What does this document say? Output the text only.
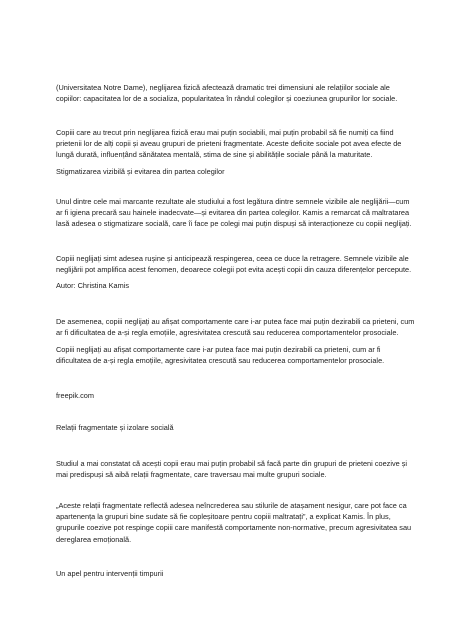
(Universitatea Notre Dame), neglijarea fizică afectează dramatic trei dimensiuni ale relațiilor sociale ale
copiilor: capacitatea lor de a socializa, popularitatea în rândul colegilor și coeziunea grupurilor lor sociale.

Copiii care au trecut prin neglijarea fizică erau mai puțin sociabili, mai puțin probabil să fie numiți ca fiind
prietenii lor de alți copii și aveau grupuri de prieteni fragmentate. Aceste deficite sociale pot avea efecte de
lungă durată, influențând sănătatea mentală, stima de sine și abilitățile sociale până la maturitate.

Stigmatizarea vizibilă și evitarea din partea colegilor

Unul dintre cele mai marcante rezultate ale studiului a fost legătura dintre semnele vizibile ale neglijării—cum
ar fi igiena precară sau hainele inadecvate—și evitarea din partea colegilor. Kamis a remarcat că maltratarea
lasă adesea o stigmatizare socială, care îi face pe colegi mai puțin dispuși să interacționeze cu copiii neglijați.

Copiii neglijați simt adesea rușine și anticipează respingerea, ceea ce duce la retragere. Semnele vizibile ale
neglijării pot amplifica acest fenomen, deoarece colegii pot evita acești copii din cauza diferențelor percepute.

Autor: Christina Kamis

De asemenea, copiii neglijați au afișat comportamente care i-ar putea face mai puțin dezirabili ca prieteni, cum
ar fi dificultatea de a-și regla emoțiile, agresivitatea crescută sau reducerea comportamentelor prosociale.

Copiii neglijați au afișat comportamente care i-ar putea face mai puțin dezirabili ca prieteni, cum ar fi
dificultatea de a-și regla emoțiile, agresivitatea crescută sau reducerea comportamentelor prosociale.

freepik.com

Relații fragmentate și izolare socială

Studiul a mai constatat că acești copii erau mai puțin probabil să facă parte din grupuri de prieteni coezive și
mai predispuși să aibă relații fragmentate, care traversau mai multe grupuri sociale.

„Aceste relații fragmentate reflectă adesea neîncrederea sau stilurile de atașament nesigur, care pot face ca
apartenența la grupuri bine sudate să fie copleșitoare pentru copiii maltratați”, a explicat Kamis. În plus,
grupurile coezive pot respinge copiii care manifestă comportamente non-normative, precum agresivitatea sau
dereglarea emoțională.

Un apel pentru intervenții timpurii
